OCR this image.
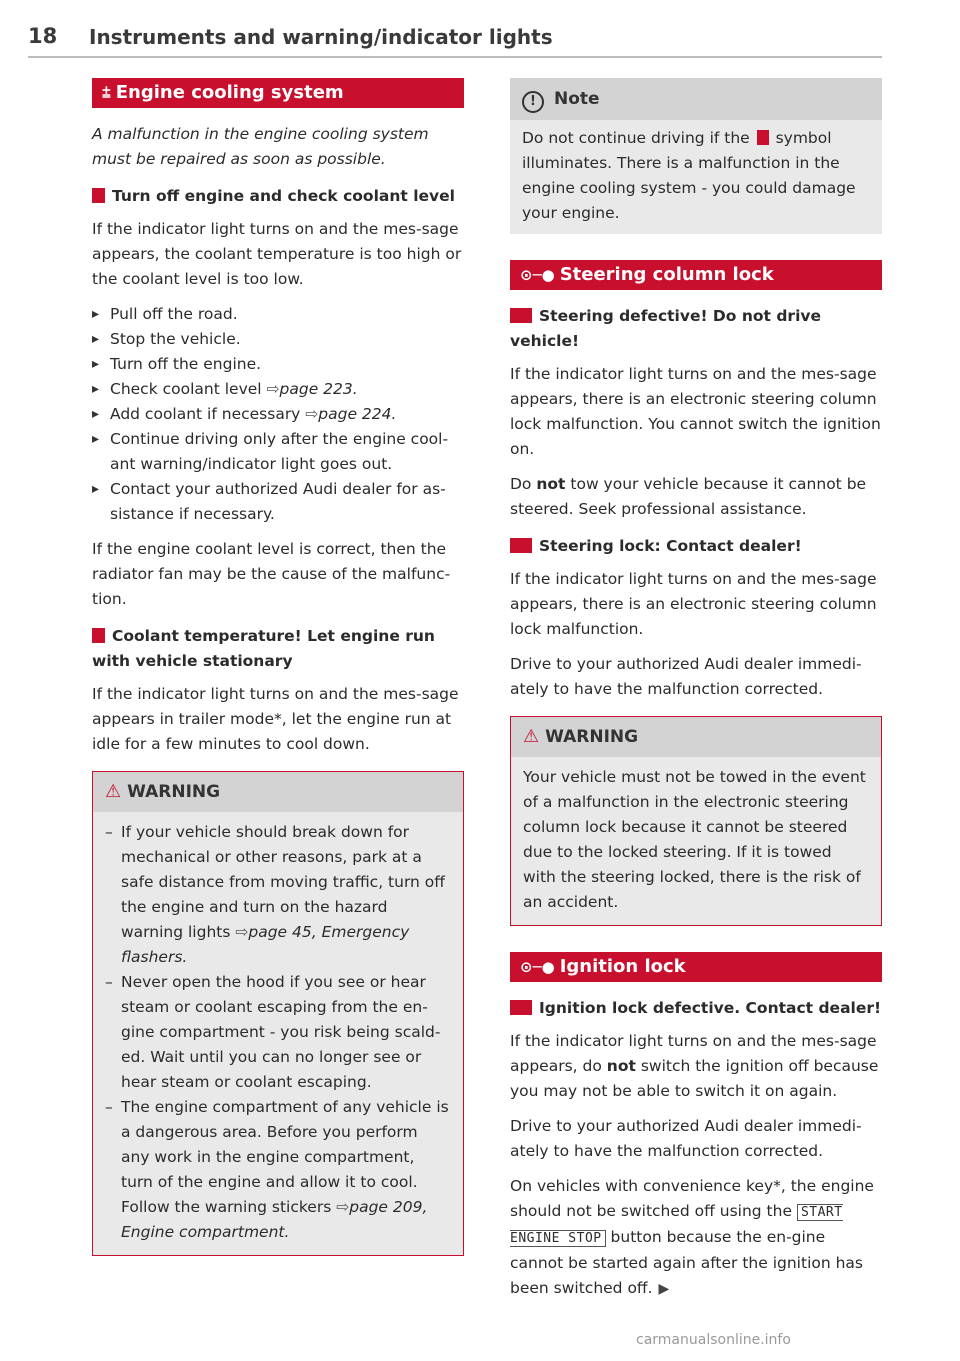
18 Instruments and warning/indicator lights
⩲ Engine cooling system

A malfunction in the engine cooling system must be repaired as soon as possible.

Turn off engine and check coolant level

If the indicator light turns on and the mes-sage appears, the coolant temperature is too high or the coolant level is too low.

▸ Pull off the road.
▸ Stop the vehicle.
▸ Turn off the engine.
▸ Check coolant level ⇨page 223.
▸ Add coolant if necessary ⇨page 224.
▸ Continue driving only after the engine cool-ant warning/indicator light goes out.
▸ Contact your authorized Audi dealer for as-sistance if necessary.

If the engine coolant level is correct, then the radiator fan may be the cause of the malfunc-tion.

Coolant temperature! Let engine run with vehicle stationary

If the indicator light turns on and the mes-sage appears in trailer mode*, let the engine run at idle for a few minutes to cool down.

⚠ WARNING
– If your vehicle should break down for mechanical or other reasons, park at a safe distance from moving traffic, turn off the engine and turn on the hazard warning lights ⇨page 45, Emergency flashers.
– Never open the hood if you see or hear steam or coolant escaping from the en-gine compartment - you risk being scald-ed. Wait until you can no longer see or hear steam or coolant escaping.
– The engine compartment of any vehicle is a dangerous area. Before you perform any work in the engine compartment, turn of the engine and allow it to cool. Follow the warning stickers ⇨page 209, Engine compartment.
! Note
Do not continue driving if the symbol illuminates. There is a malfunction in the engine cooling system - you could damage your engine.
⊙─● Steering column lock
Steering defective! Do not drive vehicle!

If the indicator light turns on and the mes-sage appears, there is an electronic steering column lock malfunction. You cannot switch the ignition on.

Do not tow your vehicle because it cannot be steered. Seek professional assistance.

Steering lock: Contact dealer!

If the indicator light turns on and the mes-sage appears, there is an electronic steering column lock malfunction.

Drive to your authorized Audi dealer immedi-ately to have the malfunction corrected.

⚠ WARNING
Your vehicle must not be towed in the event of a malfunction in the electronic steering column lock because it cannot be steered due to the locked steering. If it is towed with the steering locked, there is the risk of an accident.
⊙─● Ignition lock
Ignition lock defective. Contact dealer!

If the indicator light turns on and the mes-sage appears, do not switch the ignition off because you may not be able to switch it on again.

Drive to your authorized Audi dealer immedi-ately to have the malfunction corrected.

On vehicles with convenience key*, the engine should not be switched off using the START ENGINE STOP button because the en-gine cannot be started again after the ignition has been switched off. ▶

carmanualsonline.info
